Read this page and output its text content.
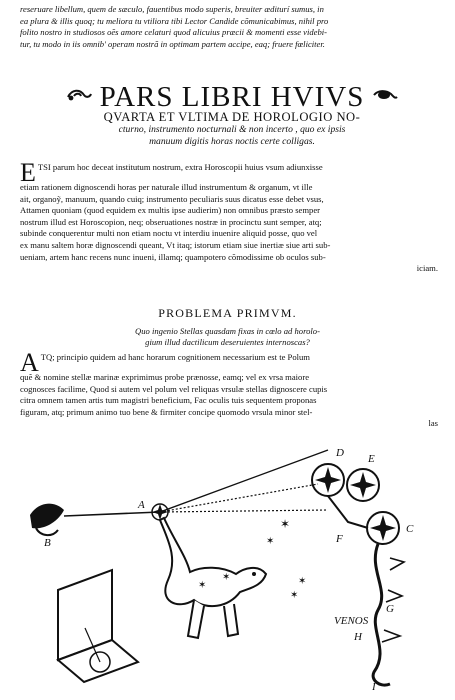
reseruare libellum, quem de sæculo, fauentibus modo superis, breuiter æditurí sumus, in
ea plura & illis quoq; tu meliora tu vtiliora tibi Lector Candide cõmunicabimus, nihil pro
folito nostro in studiosos oẽs amore celaturi quod alicuius præcii & momenti esse videbi-
tur, tu modo in iis omnib' operam nostrã in optimam partem accipe, eaq; fruere fœliciter.
PARS LIBRI HVIVS
QVARTA ET VLTIMA DE HOROLOGIO NO-
cturno, instrumento nocturnali & non incerto , quo ex ipsis
manuum digitis horas noctis certe colligas.
ETSI parum hoc deceat institutum nostrum, extra Horoscopii huius vsum adiunxisse
etiam rationem dignoscendi horas per naturale illud instrumentum & organum, vt ille
ait, organoỹ, manuum, quando cuiq; instrumento peculiaris suus dicatus esse debet vsus,
Attamen quoniam (quod equidem ex multis ipse audierim) non omnibus præsto semper
nostrum illud est Horoscopion, neq; obseruationes nostræ in procinctu sunt semper, atq;
subinde conquerentur multi non etiam noctu vt interdiu inuenire aliquid posse, quo vel
ex manu saltem horæ dignoscendi queant, Vt itaq; istorum etiam siue inertiæ siue arti sub-
ueniam, artem hanc recens nunc inueni, illamq; quampotero cõmodissime ob oculos sub-
iciam.
PROBLEMA PRIMVM.
Quo ingenio Stellas quasdam fixas in cœlo ad horolo-
gium illud dactilicum deseruientes internoscas?
ATQ; principio quidem ad hanc horarum cognitionem necessarium est te Polum
quẽ & nomine stellæ marinæ exprimimus probe prænosse, eamq; vel ex vrsa maiore
cognosces facilime, Quod si autem vel polum vel reliquas vrsulæ stellas dignoscere cupis
citra omnem tamen artis tum magistri beneficium, Fac oculis tuis sequentem proponas
figuram, atq; primum animo tuo bene & firmiter concipe quomodo vrsula minor stel-
las
✶
✶
✶
✶
✶
✶
A
B
C
D E
F
G
H
I
VENOS
